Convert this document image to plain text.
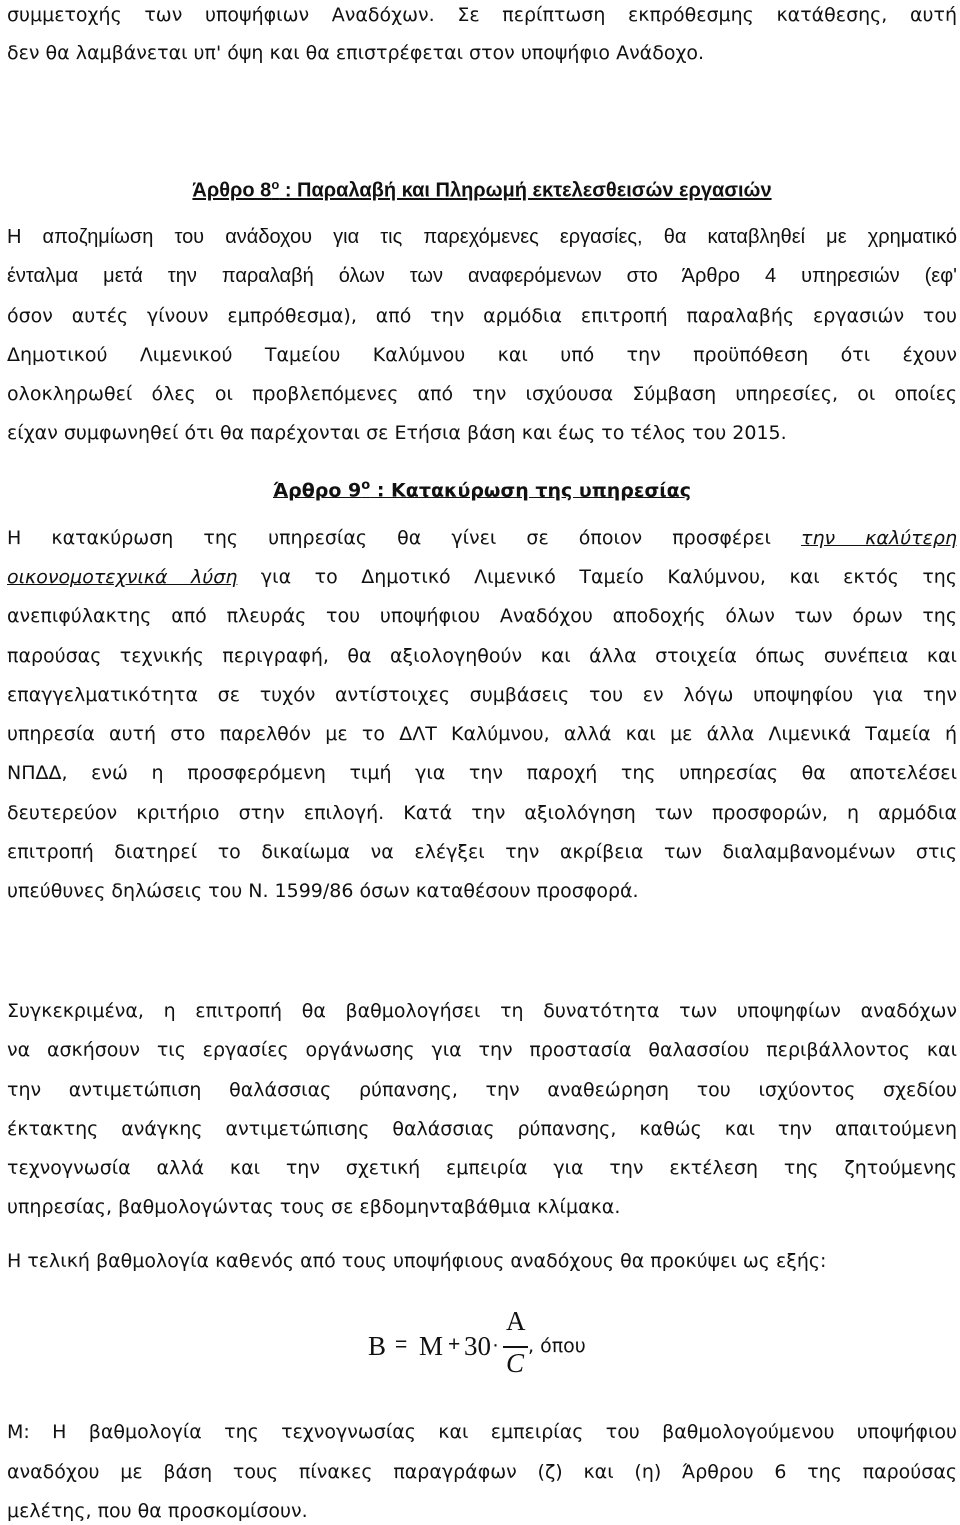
συμμετοχής των υποψήφιων Αναδόχων. Σε περίπτωση εκπρόθεσμης κατάθεσης, αυτή
δεν θα λαμβάνεται υπ' όψη και θα επιστρέφεται στον υποψήφιο Ανάδοχο.
Άρθρο $8^o$ : Παραλαβή και Πληρωμή εκτελεσθεισών εργασιών
Η αποζημίωση του ανάδοχου για τις παρεχόμενες εργασίες, θα καταβληθεί με χρηματικό
ένταλμα μετά την παραλαβή όλων των αναφερόμενων στο Άρθρο 4 υπηρεσιών (εφ'
όσον αυτές γίνουν εμπρόθεσμα), από την αρμόδια επιτροπή παραλαβής εργασιών του
Δημοτικού Λιμενικού Ταμείου Καλύμνου και υπό την προϋπόθεση ότι έχουν
ολοκληρωθεί όλες οι προβλεπόμενες από την ισχύουσα Σύμβαση υπηρεσίες, οι οποίες
είχαν συμφωνηθεί ότι θα παρέχονται σε Ετήσια βάση και έως το τέλος του 2015.
Άρθρο $9^o$ : Κατακύρωση της υπηρεσίας
Η κατακύρωση της υπηρεσίας θα γίνει σε όποιον προσφέρει την καλύτερη
οικονομοτεχνικά λύση για το Δημοτικό Λιμενικό Ταμείο Καλύμνου, και εκτός της
ανεπιφύλακτης από πλευράς του υποψήφιου Αναδόχου αποδοχής όλων των όρων της
παρούσας τεχνικής περιγραφή, θα αξιολογηθούν και άλλα στοιχεία όπως συνέπεια και
επαγγελματικότητα σε τυχόν αντίστοιχες συμβάσεις του εν λόγω υποψηφίου για την
υπηρεσία αυτή στο παρελθόν με το ΔΛΤ Καλύμνου, αλλά και με άλλα Λιμενικά Ταμεία ή
ΝΠΔΔ, ενώ η προσφερόμενη τιμή για την παροχή της υπηρεσίας θα αποτελέσει
δευτερεύον κριτήριο στην επιλογή. Κατά την αξιολόγηση των προσφορών, η αρμόδια
επιτροπή διατηρεί το δικαίωμα να ελέγξει την ακρίβεια των διαλαμβανομένων στις
υπεύθυνες δηλώσεις του Ν. 1599/86 όσων καταθέσουν προσφορά.
Συγκεκριμένα, η επιτροπή θα βαθμολογήσει τη δυνατότητα των υποψηφίων αναδόχων
να ασκήσουν τις εργασίες οργάνωσης για την προστασία θαλασσίου περιβάλλοντος και
την αντιμετώπιση θαλάσσιας ρύπανσης, την αναθεώρηση του ισχύοντος σχεδίου
έκτακτης ανάγκης αντιμετώπισης θαλάσσιας ρύπανσης, καθώς και την απαιτούμενη
τεχνογνωσία αλλά και την σχετική εμπειρία για την εκτέλεση της ζητούμενης
υπηρεσίας, βαθμολογώντας τους σε εβδομηνταβάθμια κλίμακα.
Η τελική βαθμολογία καθενός από τους υποψήφιους αναδόχους θα προκύψει ως εξής:
B = M + 30 ·
A
C
, όπου
Μ: Η βαθμολογία της τεχνογνωσίας και εμπειρίας του βαθμολογούμενου υποψήφιου
αναδόχου με βάση τους πίνακες παραγράφων (ζ) και (η) Άρθρου 6 της παρούσας
μελέτης, που θα προσκομίσουν.
